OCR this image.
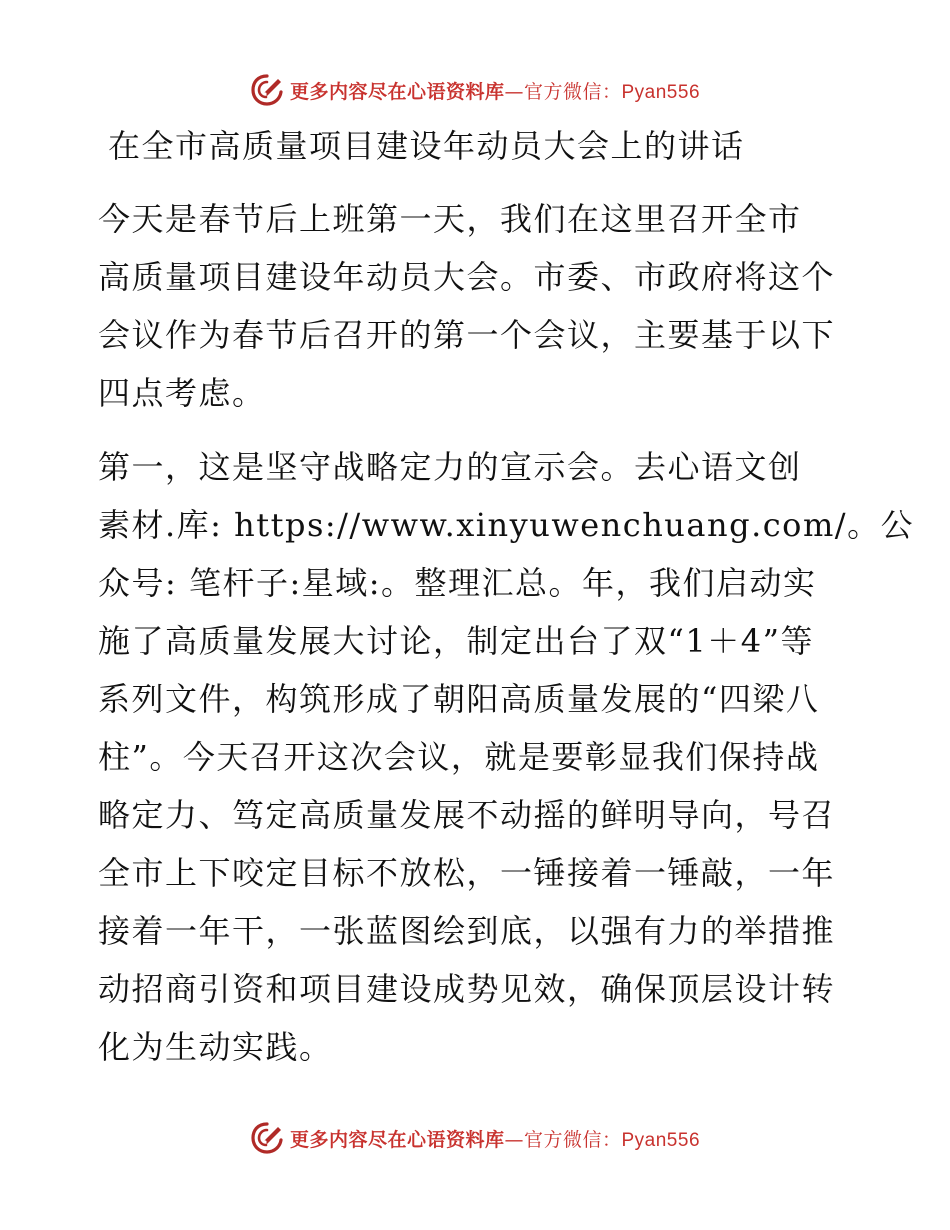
更多内容尽在心语资料库—官方微信：Pyan556
在全市高质量项目建设年动员大会上的讲话

今天是春节后上班第一天，我们在这里召开全市
高质量项目建设年动员大会。市委、市政府将这个
会议作为春节后召开的第一个会议，主要基于以下
四点考虑。

第一，这是坚守战略定力的宣示会。去心语文创
素材.库: https://www.xinyuwenchuang.com/。公
众号: 笔杆子:星域:。整理汇总。年，我们启动实
施了高质量发展大讨论，制定出台了双“1＋4”等
系列文件，构筑形成了朝阳高质量发展的“四梁八
柱”。今天召开这次会议，就是要彰显我们保持战
略定力、笃定高质量发展不动摇的鲜明导向，号召
全市上下咬定目标不放松，一锤接着一锤敲，一年
接着一年干，一张蓝图绘到底，以强有力的举措推
动招商引资和项目建设成势见效，确保顶层设计转
化为生动实践。

更多内容尽在心语资料库—官方微信：Pyan556
